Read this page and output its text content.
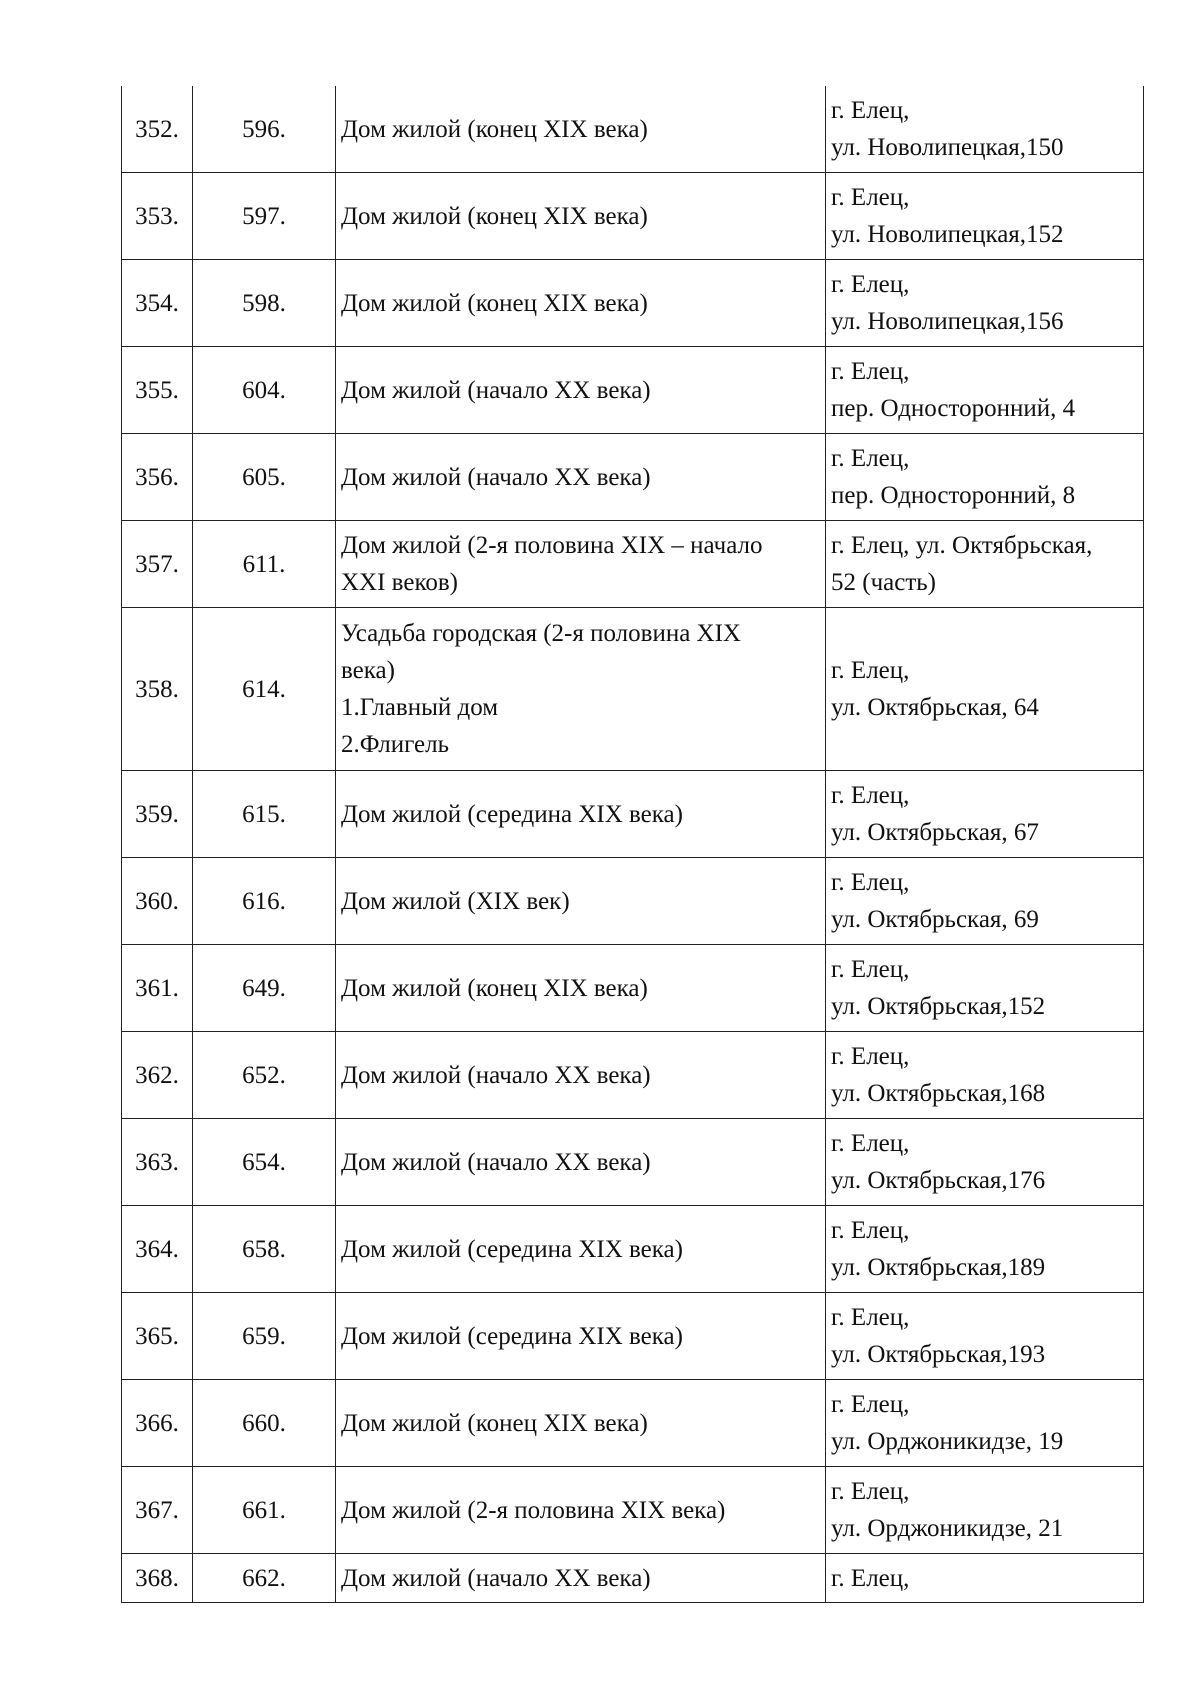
352.	596.	Дом жилой (конец XIX века)	г. Елец,
ул. Новолипецкая,150

353.	597.	Дом жилой (конец XIX века)	г. Елец,
ул. Новолипецкая,152

354.	598.	Дом жилой (конец XIX века)	г. Елец,
ул. Новолипецкая,156

355.	604.	Дом жилой (начало XX века)	г. Елец,
пер. Односторонний, 4

356.	605.	Дом жилой (начало XX века)	г. Елец,
пер. Односторонний, 8

357.	611.	Дом жилой (2-я половина XIX – начало
XXI веков)	г. Елец, ул. Октябрьская,
52 (часть)

358.	614.	Усадьба городская (2-я половина XIX
века)
1.Главный дом
2.Флигель	г. Елец,
ул. Октябрьская, 64

359.	615.	Дом жилой (середина XIX века)	г. Елец,
ул. Октябрьская, 67

360.	616.	Дом жилой (XIX век)	г. Елец,
ул. Октябрьская, 69

361.	649.	Дом жилой (конец XIX века)	г. Елец,
ул. Октябрьская,152

362.	652.	Дом жилой (начало XX века)	г. Елец,
ул. Октябрьская,168

363.	654.	Дом жилой (начало XX века)	г. Елец,
ул. Октябрьская,176

364.	658.	Дом жилой (середина XIX века)	г. Елец,
ул. Октябрьская,189

365.	659.	Дом жилой (середина XIX века)	г. Елец,
ул. Октябрьская,193

366.	660.	Дом жилой (конец XIX века)	г. Елец,
ул. Орджоникидзе, 19

367.	661.	Дом жилой (2-я половина XIX века)	г. Елец,
ул. Орджоникидзе, 21

368.	662.	Дом жилой (начало XX века)	г. Елец,
